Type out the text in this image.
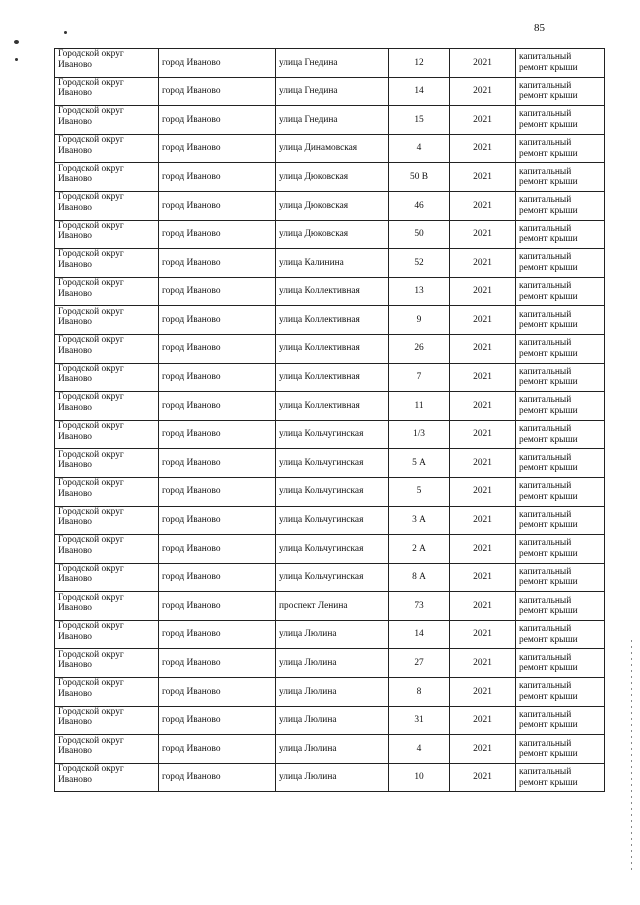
85
Городской округ Иваново	город Иваново	улица Гнедина	12	2021	капитальный ремонт крыши

Городской округ Иваново	город Иваново	улица Гнедина	14	2021	капитальный ремонт крыши

Городской округ Иваново	город Иваново	улица Гнедина	15	2021	капитальный ремонт крыши

Городской округ Иваново	город Иваново	улица Динамовская	4	2021	капитальный ремонт крыши

Городской округ Иваново	город Иваново	улица Дюковская	50 В	2021	капитальный ремонт крыши

Городской округ Иваново	город Иваново	улица Дюковская	46	2021	капитальный ремонт крыши

Городской округ Иваново	город Иваново	улица Дюковская	50	2021	капитальный ремонт крыши

Городской округ Иваново	город Иваново	улица Калинина	52	2021	капитальный ремонт крыши

Городской округ Иваново	город Иваново	улица Коллективная	13	2021	капитальный ремонт крыши

Городской округ Иваново	город Иваново	улица Коллективная	9	2021	капитальный ремонт крыши

Городской округ Иваново	город Иваново	улица Коллективная	26	2021	капитальный ремонт крыши

Городской округ Иваново	город Иваново	улица Коллективная	7	2021	капитальный ремонт крыши

Городской округ Иваново	город Иваново	улица Коллективная	11	2021	капитальный ремонт крыши

Городской округ Иваново	город Иваново	улица Кольчугинская	1/3	2021	капитальный ремонт крыши

Городской округ Иваново	город Иваново	улица Кольчугинская	5 А	2021	капитальный ремонт крыши

Городской округ Иваново	город Иваново	улица Кольчугинская	5	2021	капитальный ремонт крыши

Городской округ Иваново	город Иваново	улица Кольчугинская	3 А	2021	капитальный ремонт крыши

Городской округ Иваново	город Иваново	улица Кольчугинская	2 А	2021	капитальный ремонт крыши

Городской округ Иваново	город Иваново	улица Кольчугинская	8 А	2021	капитальный ремонт крыши

Городской округ Иваново	город Иваново	проспект Ленина	73	2021	капитальный ремонт крыши

Городской округ Иваново	город Иваново	улица Люлина	14	2021	капитальный ремонт крыши

Городской округ Иваново	город Иваново	улица Люлина	27	2021	капитальный ремонт крыши

Городской округ Иваново	город Иваново	улица Люлина	8	2021	капитальный ремонт крыши

Городской округ Иваново	город Иваново	улица Люлина	31	2021	капитальный ремонт крыши

Городской округ Иваново	город Иваново	улица Люлина	4	2021	капитальный ремонт крыши

Городской округ Иваново	город Иваново	улица Люлина	10	2021	капитальный ремонт крыши
